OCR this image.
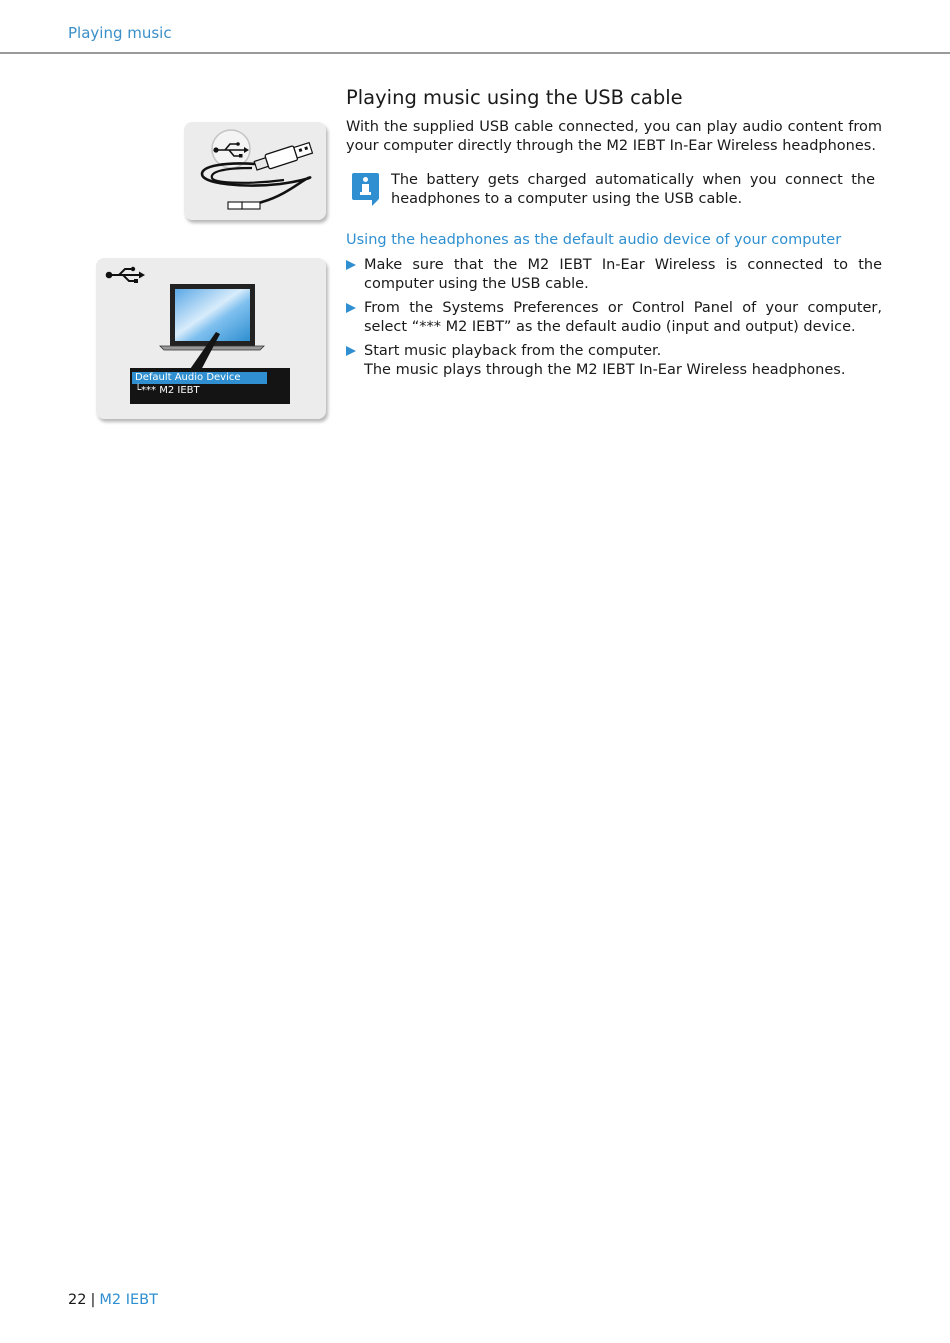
Playing music
Default Audio Device
└*** M2 IEBT
Playing music using the USB cable
With the supplied USB cable connected, you can play audio content from your computer directly through the M2 IEBT In-Ear Wireless headphones.
The battery gets charged automatically when you connect the headphones to a computer using the USB cable.
Using the headphones as the default audio device of your computer
Make sure that the M2 IEBT In-Ear Wireless is connected to the computer using the USB cable.
From the Systems Preferences or Control Panel of your computer, select “*** M2 IEBT” as the default audio (input and output) device.
Start music playback from the computer.
The music plays through the M2 IEBT In-Ear Wireless headphones.
22 | M2 IEBT
